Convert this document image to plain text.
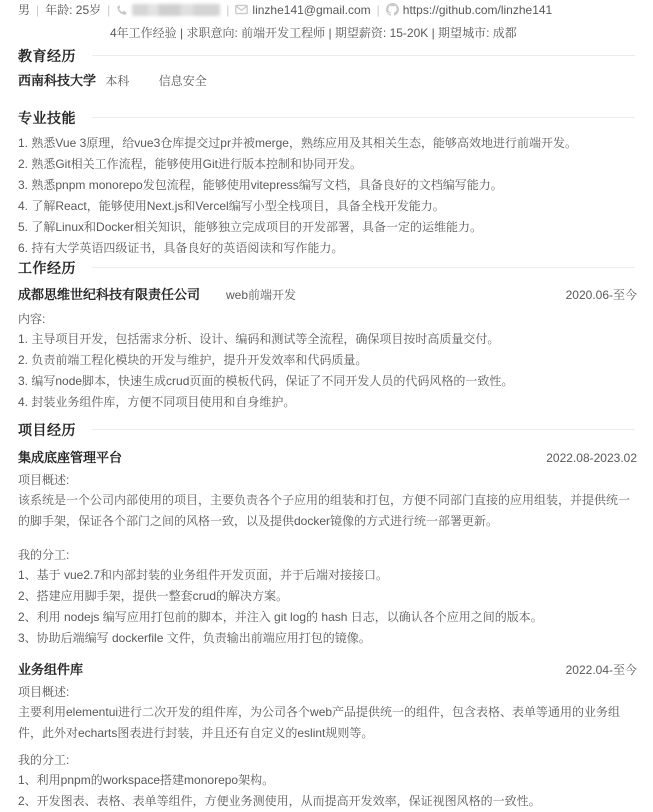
男 | 年龄: 25岁 |	| linzhe141@gmail.com | https://github.com/linzhe141
4年工作经验 | 求职意向: 前端开发工程师 | 期望薪资: 15-20K | 期望城市: 成都
教育经历
西南科技大学 本科 信息安全
专业技能
1. 熟悉Vue 3原理，给vue3仓库提交过pr并被merge，熟练应用及其相关生态，能够高效地进行前端开发。
2. 熟悉Git相关工作流程，能够使用Git进行版本控制和协同开发。
3. 熟悉pnpm monorepo发包流程，能够使用vitepress编写文档，具备良好的文档编写能力。
4. 了解React，能够使用Next.js和Vercel编写小型全栈项目，具备全栈开发能力。
5. 了解Linux和Docker相关知识，能够独立完成项目的开发部署，具备一定的运维能力。
6. 持有大学英语四级证书，具备良好的英语阅读和写作能力。
工作经历
成都思维世纪科技有限责任公司 web前端开发	2020.06-至今
内容:
1. 主导项目开发，包括需求分析、设计、编码和测试等全流程，确保项目按时高质量交付。
2. 负责前端工程化模块的开发与维护，提升开发效率和代码质量。
3. 编写node脚本，快速生成crud页面的模板代码，保证了不同开发人员的代码风格的一致性。
4. 封装业务组件库，方便不同项目使用和自身维护。
项目经历
集成底座管理平台	2022.08-2023.02
项目概述:
该系统是一个公司内部使用的项目，主要负责各个子应用的组装和打包，方便不同部门直接的应用组装，并提供统一的脚手架，保证各个部门之间的风格一致，以及提供docker镜像的方式进行统一部署更新。
我的分工:
1、基于 vue2.7和内部封装的业务组件开发页面，并于后端对接接口。
2、搭建应用脚手架，提供一整套crud的解决方案。
2、利用 nodejs 编写应用打包前的脚本，并注入 git log的 hash 日志，以确认各个应用之间的版本。
3、协助后端编写 dockerfile 文件，负责输出前端应用打包的镜像。
业务组件库	2022.04-至今
项目概述:
主要利用elementui进行二次开发的组件库，为公司各个web产品提供统一的组件，包含表格、表单等通用的业务组件，此外对echarts图表进行封装，并且还有自定义的eslint规则等。
我的分工:
1、利用pnpm的workspace搭建monorepo架构。
2、开发图表、表格、表单等组件，方便业务测使用，从而提高开发效率，保证视图风格的一致性。
